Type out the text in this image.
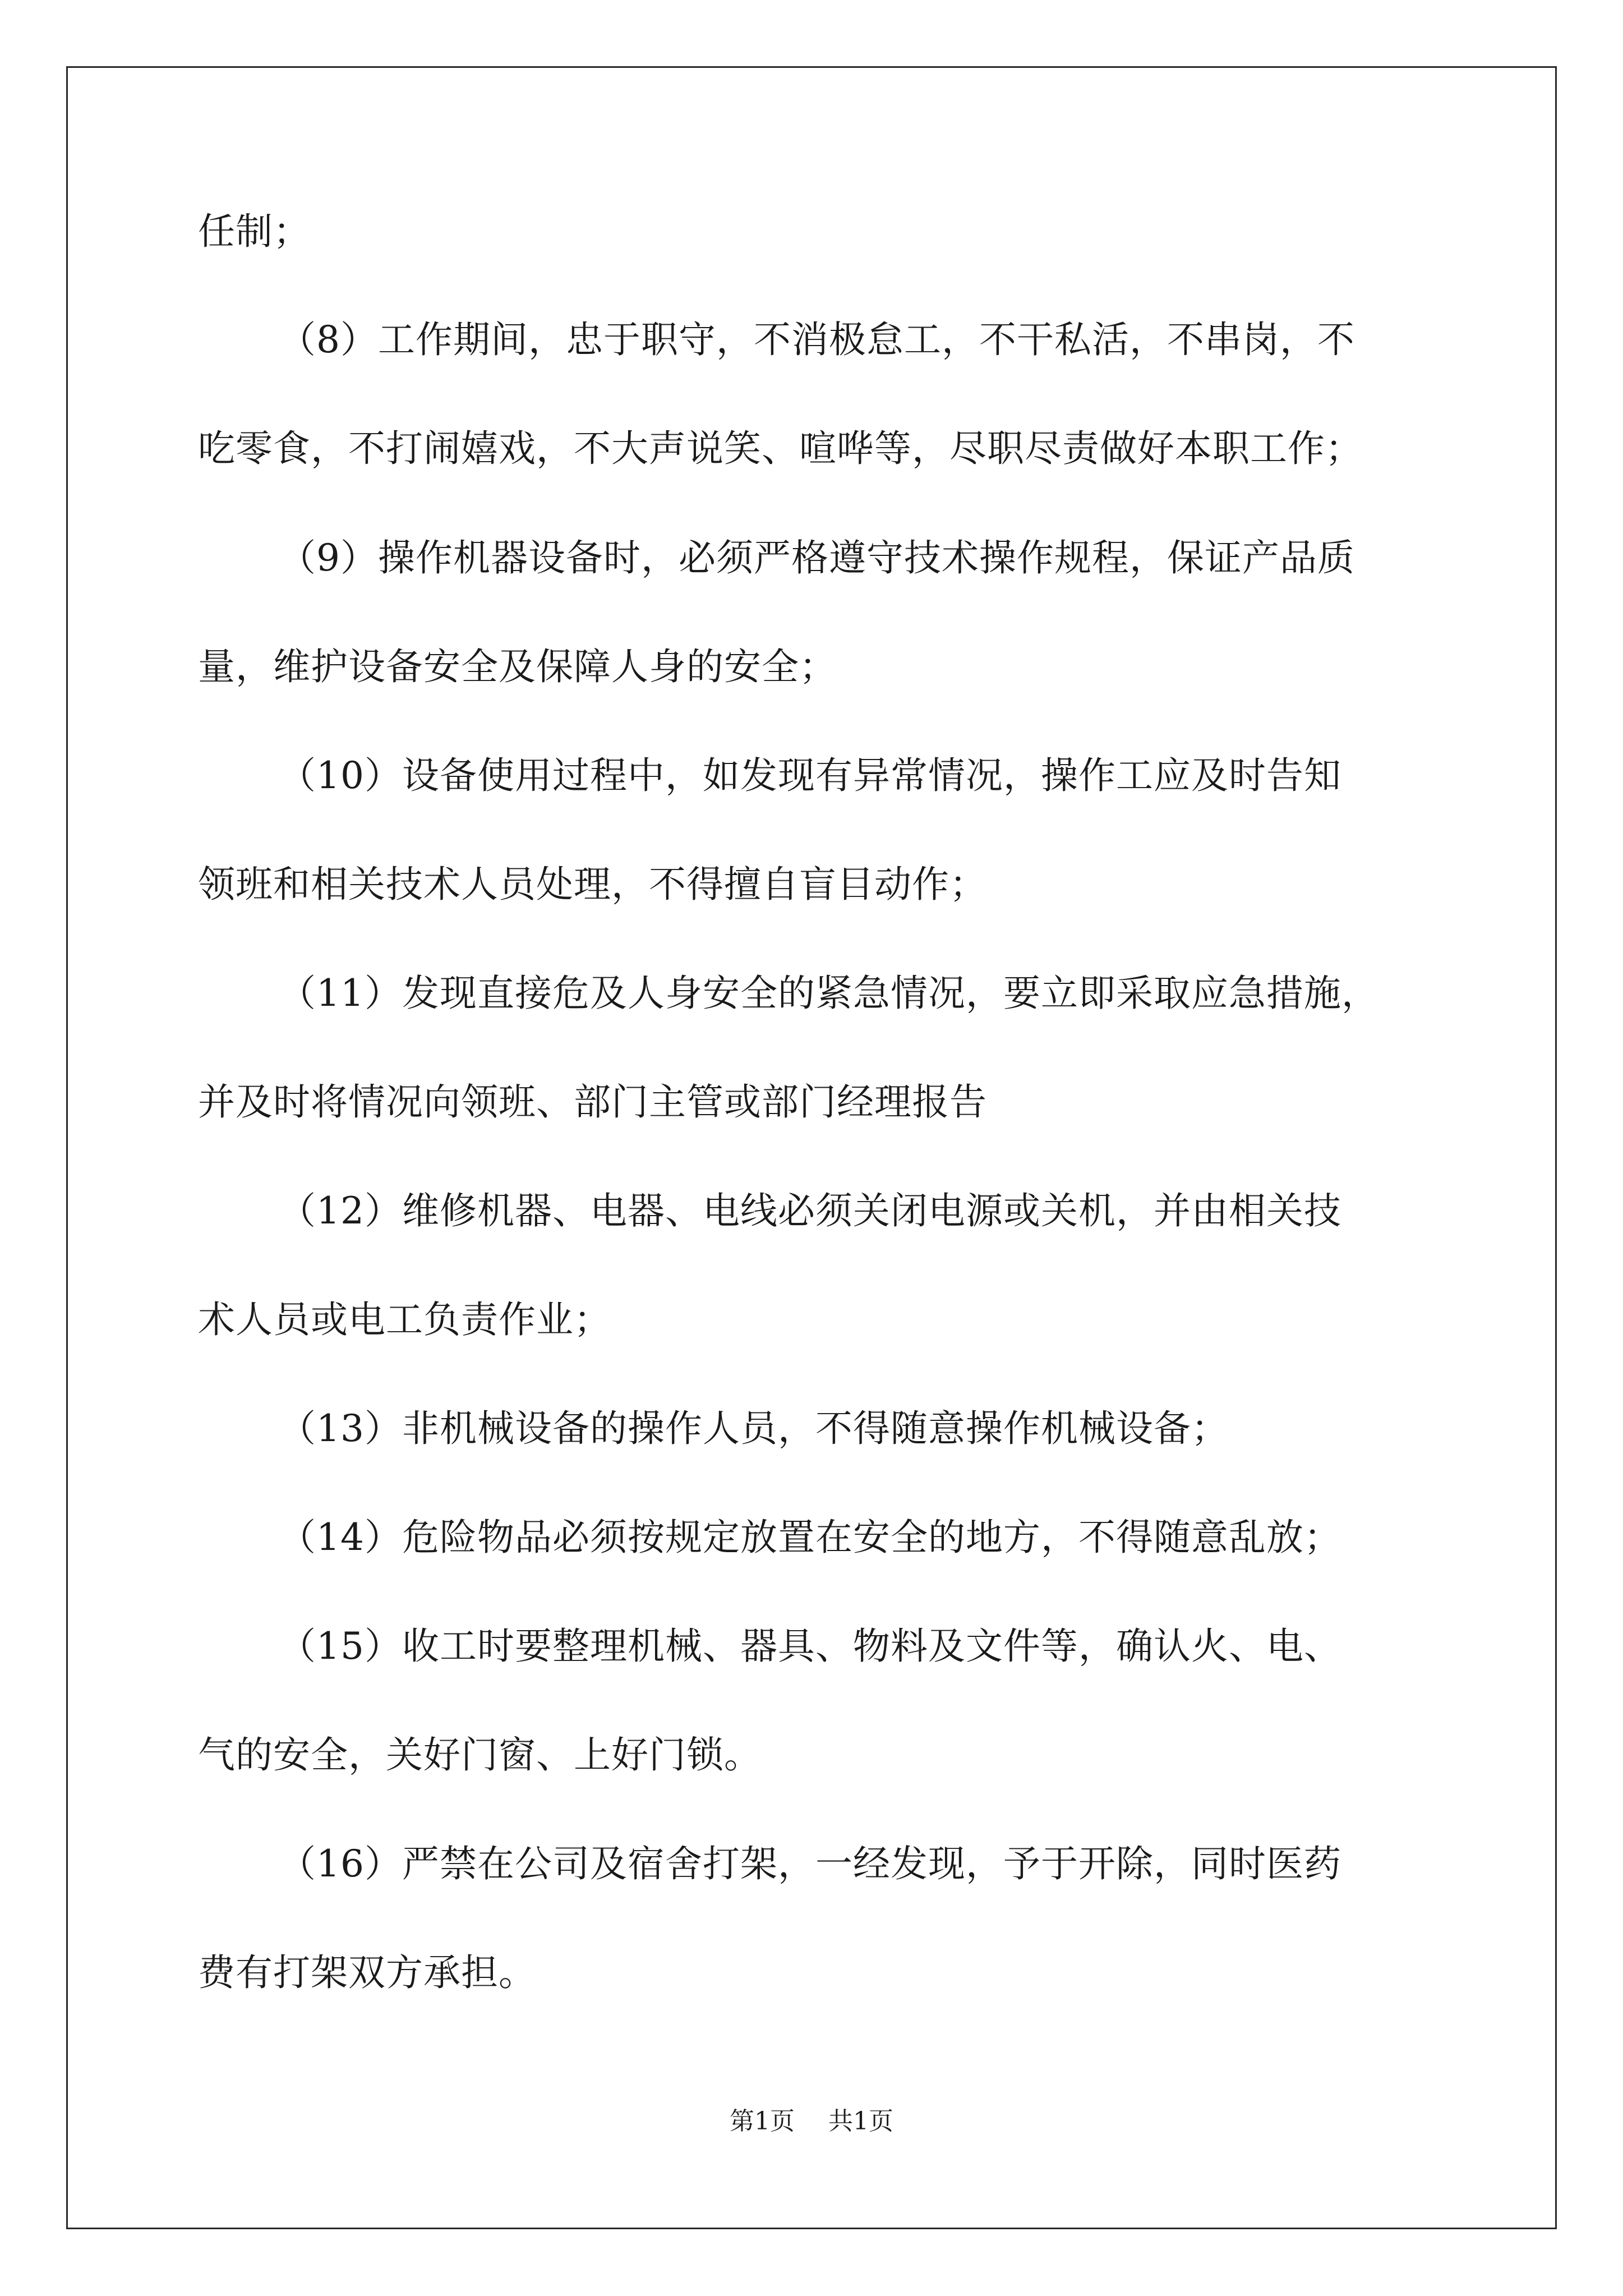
任制；

（8）工作期间，忠于职守，不消极怠工，不干私活，不串岗，不

吃零食，不打闹嬉戏，不大声说笑、喧哗等，尽职尽责做好本职工作；

（9）操作机器设备时，必须严格遵守技术操作规程，保证产品质

量，维护设备安全及保障人身的安全；

（10）设备使用过程中，如发现有异常情况，操作工应及时告知

领班和相关技术人员处理，不得擅自盲目动作；

（11）发现直接危及人身安全的紧急情况，要立即采取应急措施，

并及时将情况向领班、部门主管或部门经理报告

（12）维修机器、电器、电线必须关闭电源或关机，并由相关技

术人员或电工负责作业；

（13）非机械设备的操作人员，不得随意操作机械设备；

（14）危险物品必须按规定放置在安全的地方，不得随意乱放；

（15）收工时要整理机械、器具、物料及文件等，确认火、电、

气的安全，关好门窗、上好门锁。

（16）严禁在公司及宿舍打架，一经发现，予于开除，同时医药

费有打架双方承担。

第1页 共1页
